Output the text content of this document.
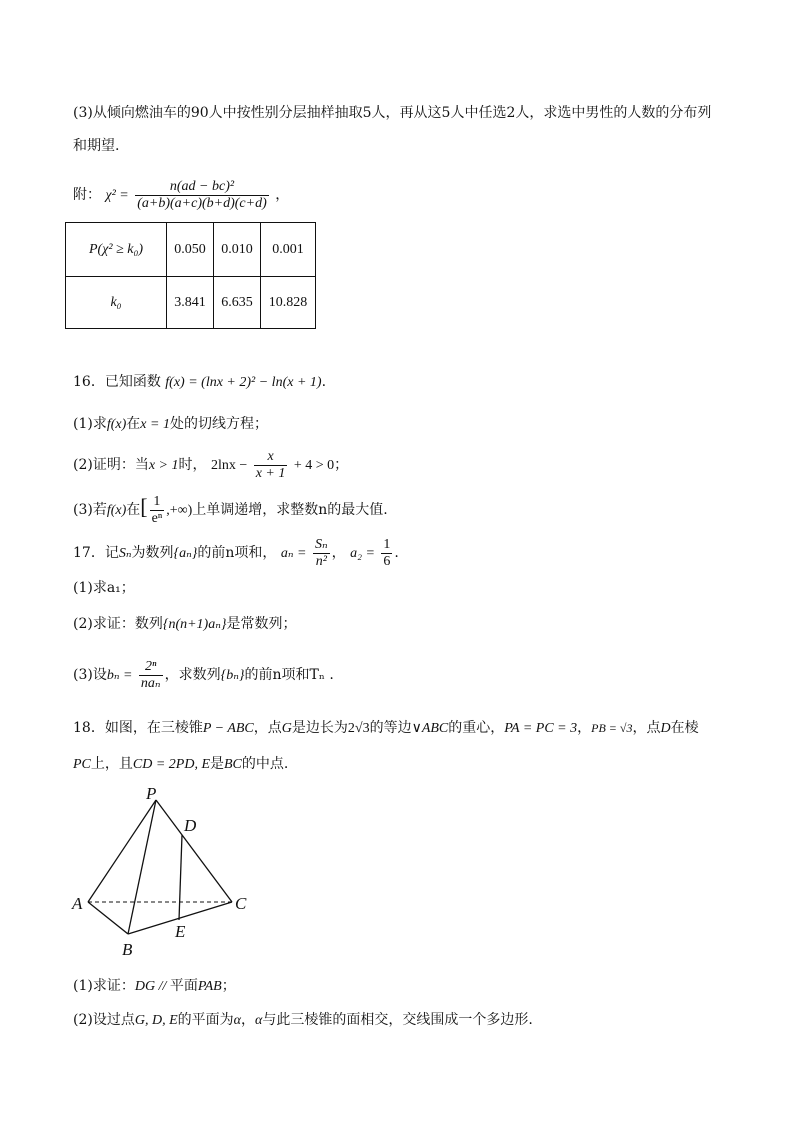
(3)从倾向燃油车的90人中按性别分层抽样抽取5人，再从这5人中任选2人，求选中男性的人数的分布列
和期望.
附： $\chi^2 = \frac{\text{n(ad − bc)²}}{(a+b)(a+c)(b+d)(c+d)}$ ，
P(χ² ≥ k₀)	0.050	0.010	0.001
k₀	3.841	6.635	10.828
16．已知函数 f(x) = (lnx + 2)² − ln(x + 1).
(1)求f(x)在x = 1处的切线方程；
(2)证明：当x > 1时， $2\ln x - \frac{x}{x + 1} + 4 > 0$；
(3)若f(x)在[ $\frac{1}{\text{eⁿ}}$ ,+∞)上单调递增，求整数n的最大值.
17．记Sₙ为数列{aₙ}的前n项和， $a_n = \frac{\text{Sₙ}}{\text{n²}}$ ， $a_2 = \frac{1}{6}$ .
(1)求a₁；
(2)求证：数列{n(n+1)aₙ}是常数列；
(3)设$b_n = \frac{\text{2ⁿ}}{\text{naₙ}}$ ，求数列{bₙ}的前n项和Tₙ .
18．如图，在三棱锥P − ABC，点G是边长为2√3的等边∨ABC的重心，PA = PC = 3，PB = √3，点D在棱
PC上，且CD = 2PD, E是BC的中点.
P
D
A	C
E
B
(1)求证：DG // 平面PAB；
(2)设过点G, D, E的平面为α，α与此三棱锥的面相交，交线围成一个多边形.
